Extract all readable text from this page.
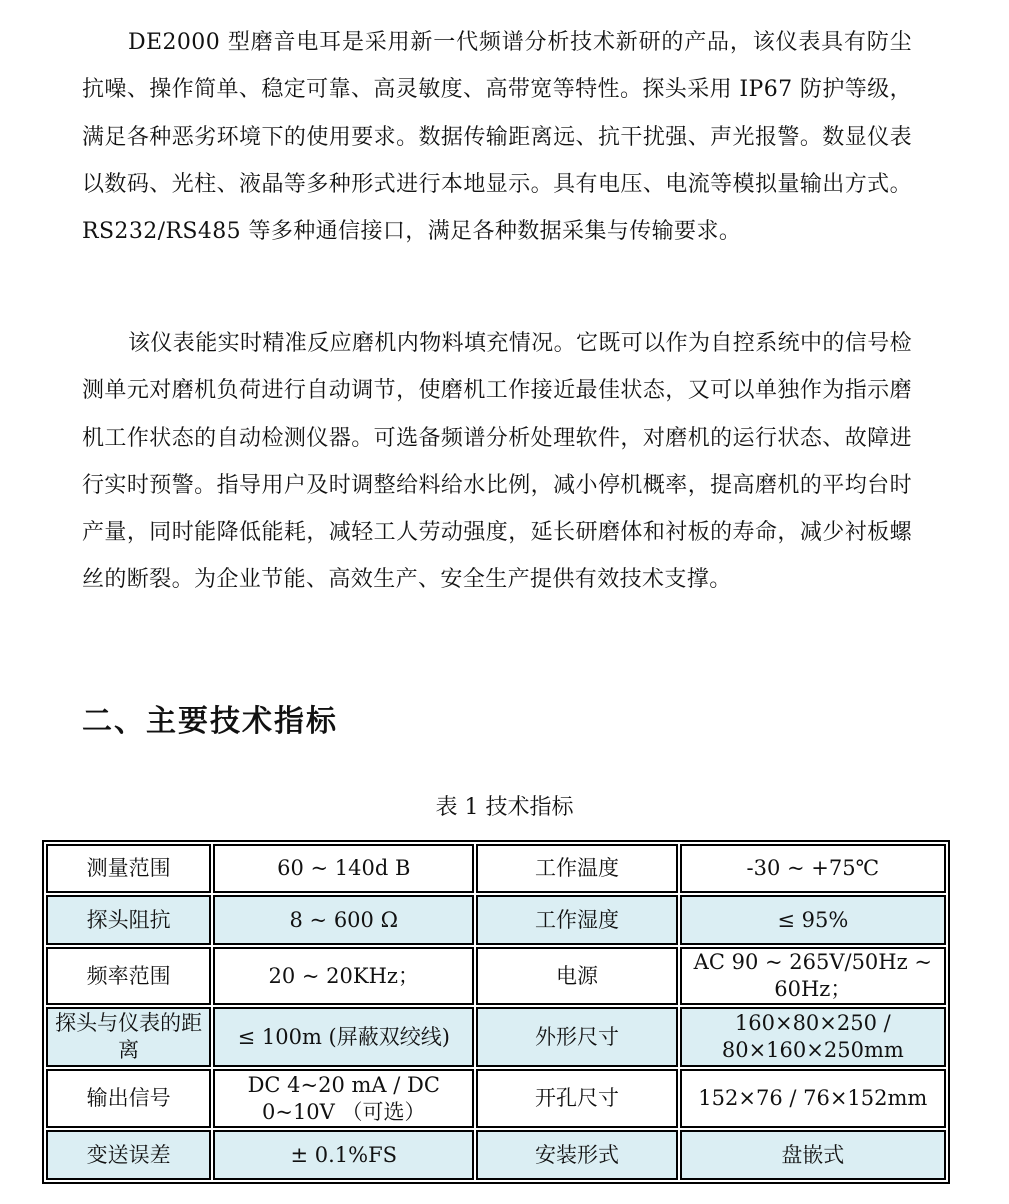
DE2000 型磨音电耳是采用新一代频谱分析技术新研的产品，该仪表具有防尘抗噪、操作简单、稳定可靠、高灵敏度、高带宽等特性。探头采用 IP67 防护等级，满足各种恶劣环境下的使用要求。数据传输距离远、抗干扰强、声光报警。数显仪表以数码、光柱、液晶等多种形式进行本地显示。具有电压、电流等模拟量输出方式。RS232/RS485 等多种通信接口，满足各种数据采集与传输要求。

该仪表能实时精准反应磨机内物料填充情况。它既可以作为自控系统中的信号检测单元对磨机负荷进行自动调节，使磨机工作接近最佳状态，又可以单独作为指示磨机工作状态的自动检测仪器。可选备频谱分析处理软件，对磨机的运行状态、故障进行实时预警。指导用户及时调整给料给水比例，减小停机概率，提高磨机的平均台时产量，同时能降低能耗，减轻工人劳动强度，延长研磨体和衬板的寿命，减少衬板螺丝的断裂。为企业节能、高效生产、安全生产提供有效技术支撑。

二、主要技术指标

表 1 技术指标

测量范围	60 ~ 140d B	工作温度	-30 ~ +75℃
探头阻抗	8 ~ 600 Ω	工作湿度	≤ 95%
频率范围	20 ~ 20KHz；	电源	AC 90 ~ 265V/50Hz ~ 60Hz；
探头与仪表的距离	≤ 100m (屏蔽双绞线)	外形尺寸	160×80×250 / 80×160×250mm
输出信号	DC 4~20 mA / DC 0~10V （可选）	开孔尺寸	152×76 / 76×152mm
变送误差	± 0.1%FS	安装形式	盘嵌式
